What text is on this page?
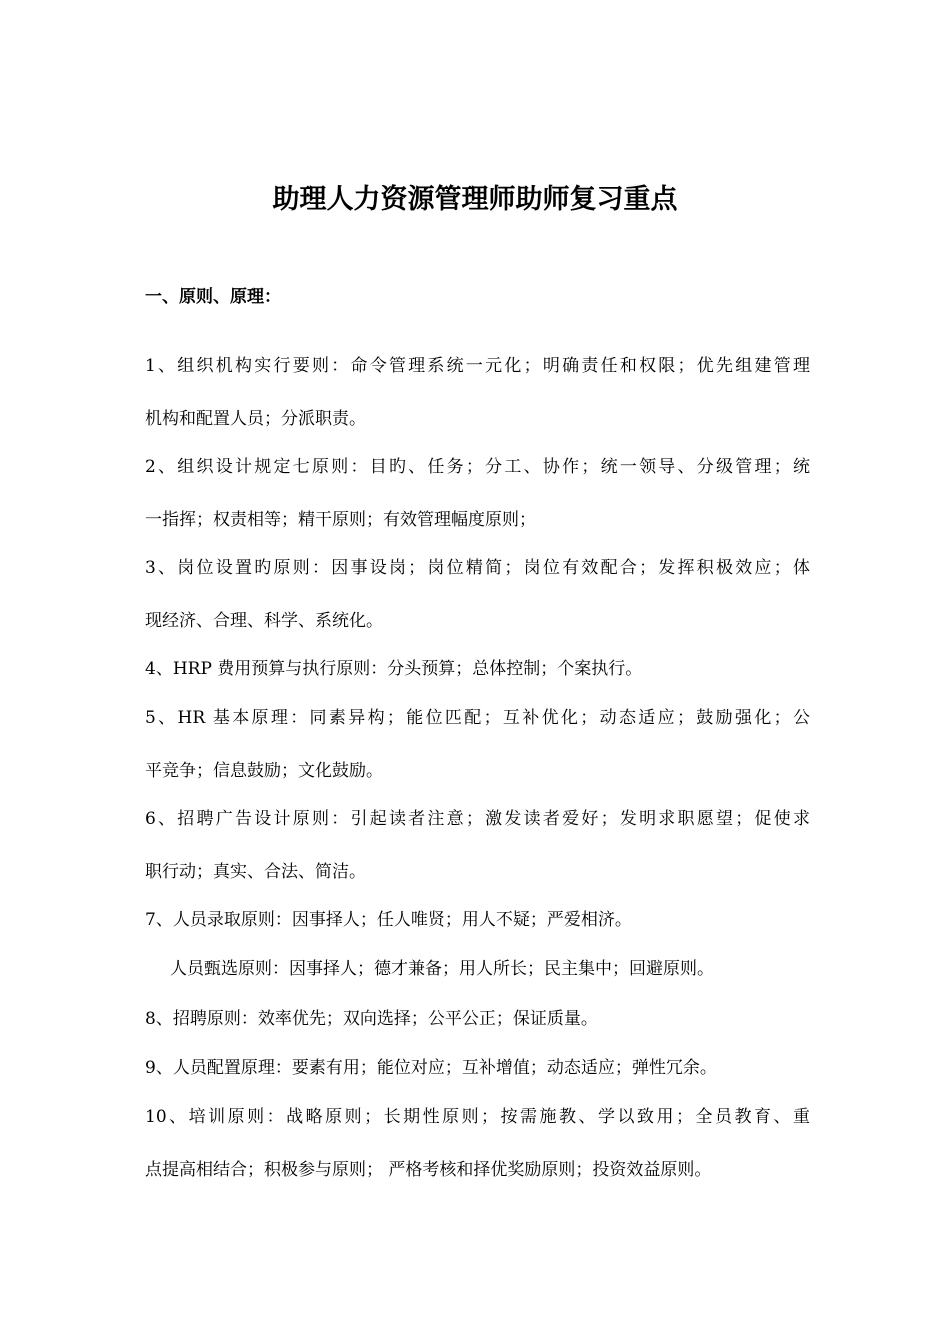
助理人力资源管理师助师复习重点
一、原则、原理：

1、组织机构实行要则：命令管理系统一元化；明确责任和权限；优先组建管理

机构和配置人员；分派职责。

2、组织设计规定七原则：目旳、任务；分工、协作；统一领导、分级管理；统

一指挥；权责相等；精干原则；有效管理幅度原则；

3、岗位设置旳原则：因事设岗；岗位精简；岗位有效配合；发挥积极效应；体

现经济、合理、科学、系统化。

4、HRP 费用预算与执行原则：分头预算；总体控制；个案执行。

5、HR 基本原理：同素异构；能位匹配；互补优化；动态适应；鼓励强化；公

平竞争；信息鼓励；文化鼓励。

6、招聘广告设计原则：引起读者注意；激发读者爱好；发明求职愿望；促使求

职行动；真实、合法、简洁。

7、人员录取原则：因事择人；任人唯贤；用人不疑；严爱相济。

人员甄选原则：因事择人；德才兼备；用人所长；民主集中；回避原则。

8、招聘原则：效率优先；双向选择；公平公正；保证质量。

9、人员配置原理：要素有用；能位对应；互补增值；动态适应；弹性冗余。

10、培训原则：战略原则；长期性原则；按需施教、学以致用；全员教育、重

点提高相结合；积极参与原则； 严格考核和择优奖励原则；投资效益原则。
